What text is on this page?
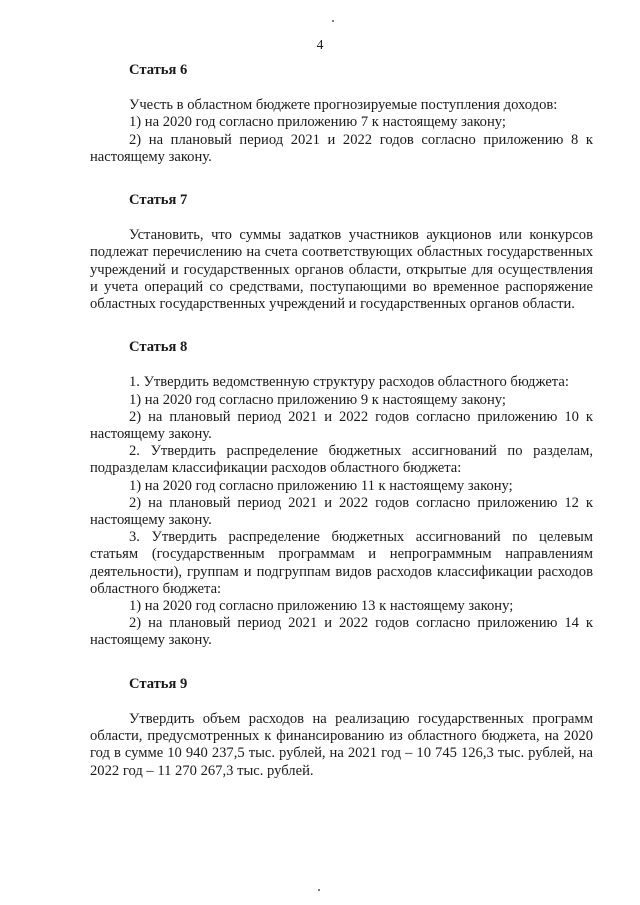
4
Статья 6

Учесть в областном бюджете прогнозируемые поступления доходов:

1) на 2020 год согласно приложению 7 к настоящему закону;

2) на плановый период 2021 и 2022 годов согласно приложению 8 к настоящему закону.

Статья 7

Установить, что суммы задатков участников аукционов или конкурсов подлежат перечислению на счета соответствующих областных государственных учреждений и государственных органов области, открытые для осуществления и учета операций со средствами, поступающими во временное распоряжение областных государственных учреждений и государственных органов области.

Статья 8

1. Утвердить ведомственную структуру расходов областного бюджета:

1) на 2020 год согласно приложению 9 к настоящему закону;

2) на плановый период 2021 и 2022 годов согласно приложению 10 к настоящему закону.

2. Утвердить распределение бюджетных ассигнований по разделам, подразделам классификации расходов областного бюджета:

1) на 2020 год согласно приложению 11 к настоящему закону;

2) на плановый период 2021 и 2022 годов согласно приложению 12 к настоящему закону.

3. Утвердить распределение бюджетных ассигнований по целевым статьям (государственным программам и непрограммным направлениям деятельности), группам и подгруппам видов расходов классификации расходов областного бюджета:

1) на 2020 год согласно приложению 13 к настоящему закону;

2) на плановый период 2021 и 2022 годов согласно приложению 14 к настоящему закону.

Статья 9

Утвердить объем расходов на реализацию государственных программ области, предусмотренных к финансированию из областного бюджета, на 2020 год в сумме 10 940 237,5 тыс. рублей, на 2021 год – 10 745 126,3 тыс. рублей, на 2022 год – 11 270 267,3 тыс. рублей.
